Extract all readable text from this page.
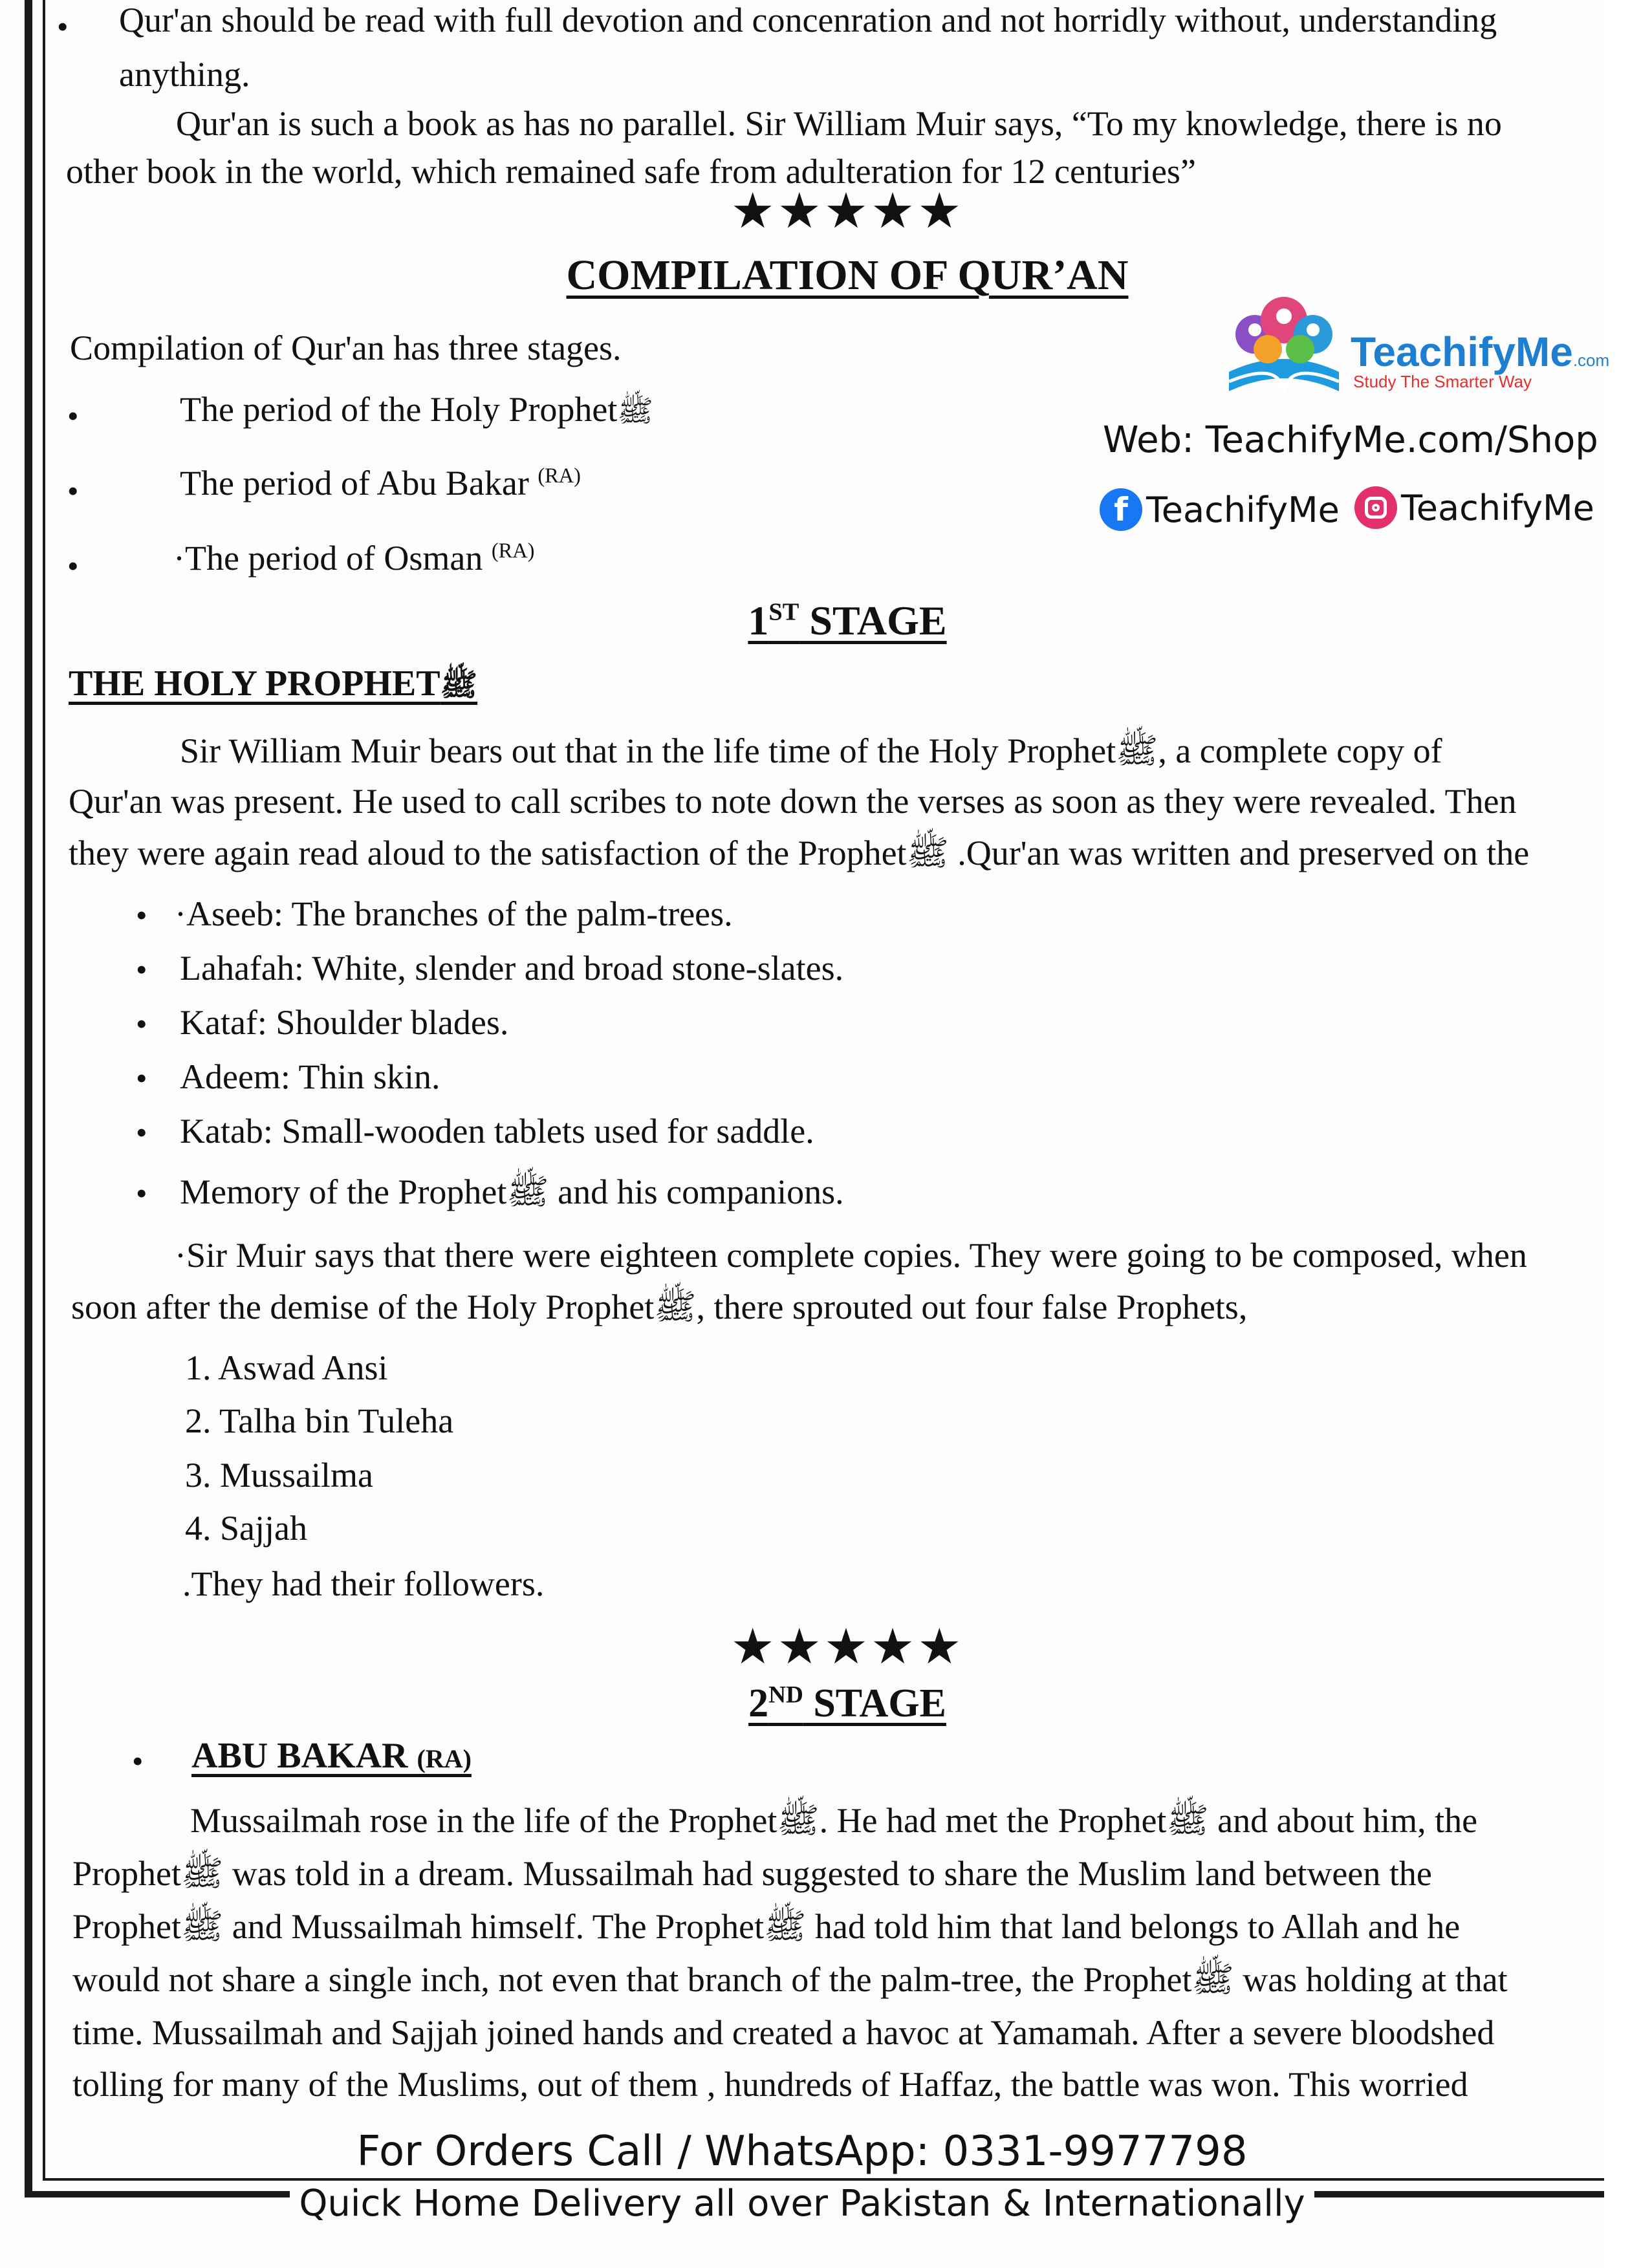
• Qur'an should be read with full devotion and concenration and not horridly without, understanding
anything.
Qur'an is such a book as has no parallel. Sir William Muir says, “To my knowledge, there is no
other book in the world, which remained safe from adulteration for 12 centuries”
★★★★★
COMPILATION OF QUR’AN
Compilation of Qur'an has three stages.
•	The period of the Holy Prophetﷺ
•	The period of Abu Bakar $^{(RA)}$
•	·The period of Osman $^{(RA)}$
1ST STAGE
THE HOLY PROPHETﷺ
Sir William Muir bears out that in the life time of the Holy Prophetﷺ, a complete copy of
Qur'an was present. He used to call scribes to note down the verses as soon as they were revealed. Then
they were again read aloud to the satisfaction of the Prophetﷺ .Qur'an was written and preserved on the
• ·Aseeb: The branches of the palm-trees.
• Lahafah: White, slender and broad stone-slates.
• Kataf: Shoulder blades.
• Adeem: Thin skin.
• Katab: Small-wooden tablets used for saddle.
• Memory of the Prophetﷺ and his companions.
·Sir Muir says that there were eighteen complete copies. They were going to be composed, when
soon after the demise of the Holy Prophetﷺ, there sprouted out four false Prophets,
1. Aswad Ansi
2. Talha bin Tuleha
3. Mussailma
4. Sajjah
.They had their followers.
★★★★★
2ND STAGE
• ABU BAKAR (RA)
Mussailmah rose in the life of the Prophetﷺ. He had met the Prophetﷺ and about him, the
Prophetﷺ was told in a dream. Mussailmah had suggested to share the Muslim land between the
Prophetﷺ and Mussailmah himself. The Prophetﷺ had told him that land belongs to Allah and he
would not share a single inch, not even that branch of the palm-tree, the Prophetﷺ was holding at that
time. Mussailmah and Sajjah joined hands and created a havoc at Yamamah. After a severe bloodshed
tolling for many of the Muslims, out of them , hundreds of Haffaz, the battle was won. This worried
TeachifyMe.com
Study The Smarter Way
Web: TeachifyMe.com/Shop
f TeachifyMe TeachifyMe
For Orders Call / WhatsApp: 0331-9977798
Quick Home Delivery all over Pakistan & Internationally
